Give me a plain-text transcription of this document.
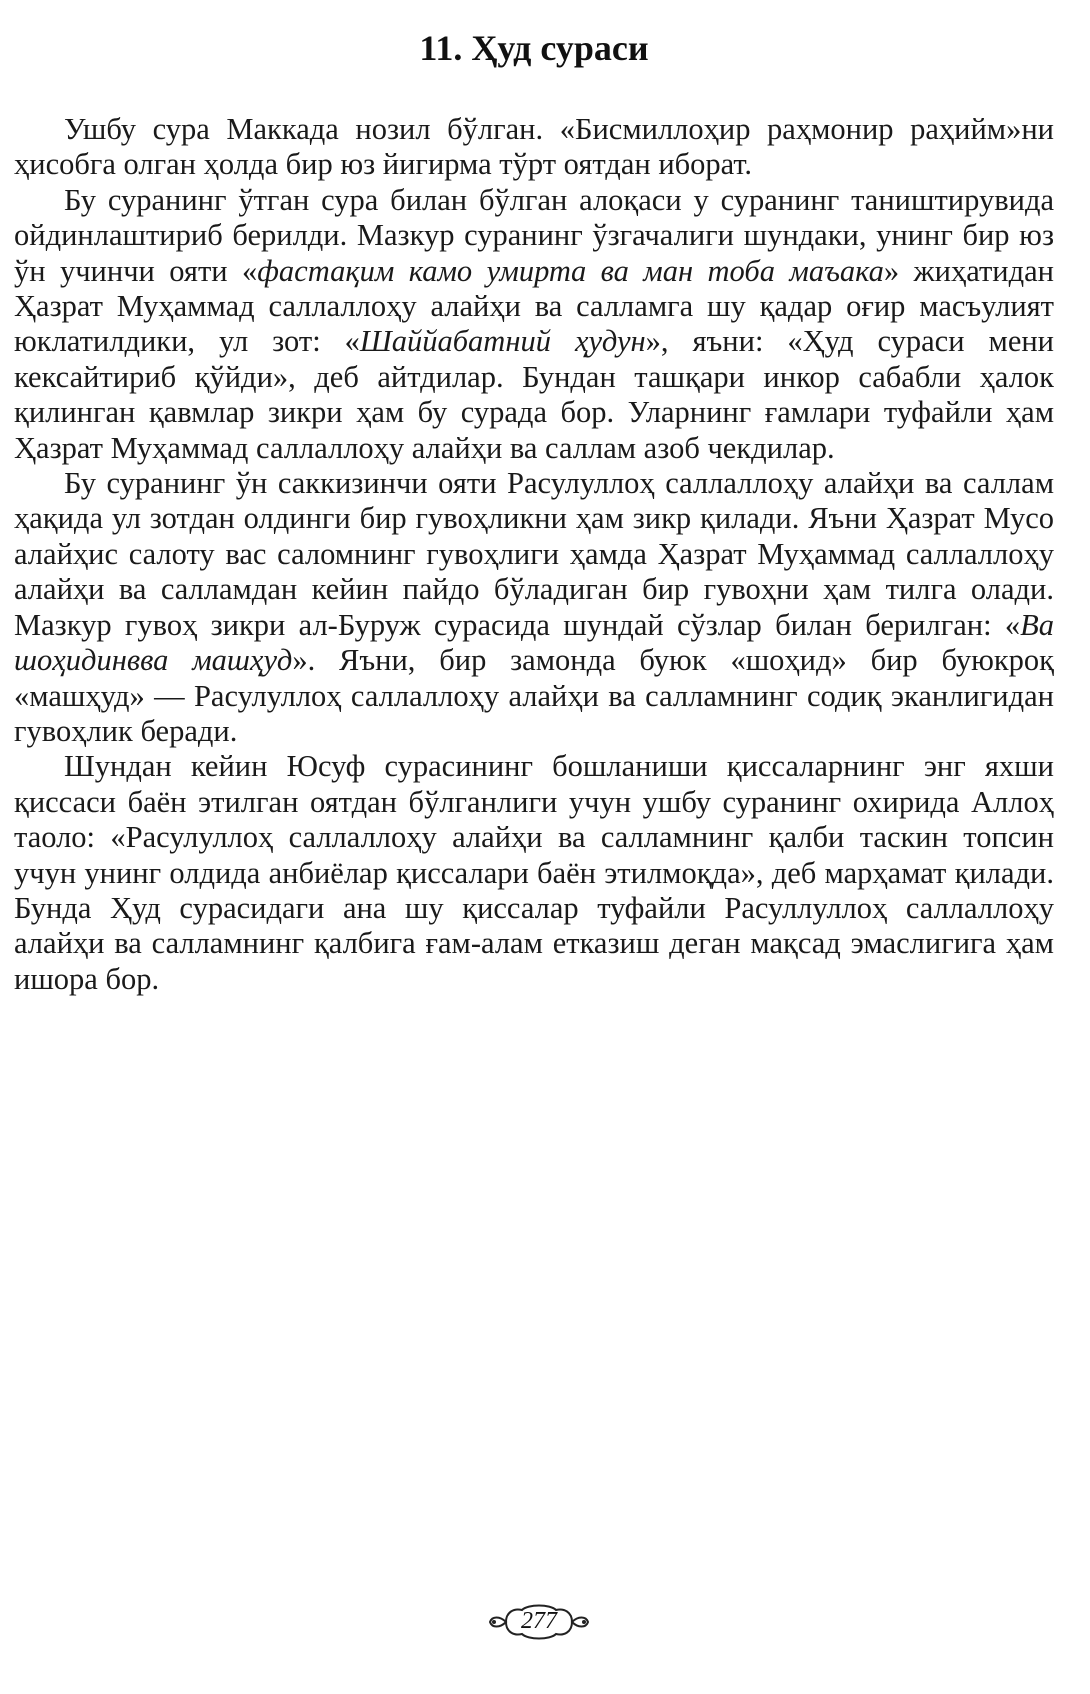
11. Ҳуд сураси

Ушбу сура Маккада нозил бўлган. «Бисмиллоҳир раҳмонир раҳийм»ни ҳисобга олган ҳолда бир юз йигирма тўрт оятдан иборат.

Бу суранинг ўтган сура билан бўлган алоқаси у суранинг таништирувида ойдинлаштириб берилди. Мазкур суранинг ўзгачалиги шундаки, унинг бир юз ўн учинчи ояти «фастақим камо умиртa ва ман тоба маъака» жиҳатидан Ҳазрат Муҳаммад саллаллоҳу алайҳи ва салламга шу қадар оғир масъулият юклатилдики, ул зот: «Шаййабатний ҳудун», яъни: «Ҳуд сураси мени кексайтириб қўйди», деб айтдилар. Бундан ташқари инкор сабабли ҳалок қилинган қавмлар зикри ҳам бу сурада бор. Уларнинг ғамлари туфайли ҳам Ҳазрат Муҳаммад саллаллоҳу алайҳи ва саллам азоб чекдилар.

Бу суранинг ўн саккизинчи ояти Расулуллоҳ саллаллоҳу алайҳи ва саллам ҳақида ул зотдан олдинги бир гувоҳликни ҳам зикр қилади. Яъни Ҳазрат Мусо алайҳис салоту вас саломнинг гувоҳлиги ҳамда Ҳазрат Муҳаммад саллаллоҳу алайҳи ва салламдан кейин пайдо бўладиган бир гувоҳни ҳам тилга олади. Мазкур гувоҳ зикри ал-Буруж сурасида шундай сўзлар билан берилган: «Ва шоҳидинвва машҳуд». Яъни, бир замонда буюк «шоҳид» бир буюкроқ «машҳуд» — Расулуллоҳ саллаллоҳу алайҳи ва салламнинг содиқ эканлигидан гувоҳлик беради.

Шундан кейин Юсуф сурасининг бошланиши қиссаларнинг энг яхши қиссаси баён этилган оятдан бўлганлиги учун ушбу суранинг охирида Аллоҳ таоло: «Расулуллоҳ саллаллоҳу алайҳи ва салламнинг қалби таскин топсин учун унинг олдида анбиёлар қиссалари баён этилмоқда», деб марҳамат қилади. Бунда Ҳуд сурасидаги ана шу қиссалар туфайли Расуллуллоҳ саллаллоҳу алайҳи ва салламнинг қалбига ғам-алам етказиш деган мақсад эмаслигига ҳам ишора бор.

277
